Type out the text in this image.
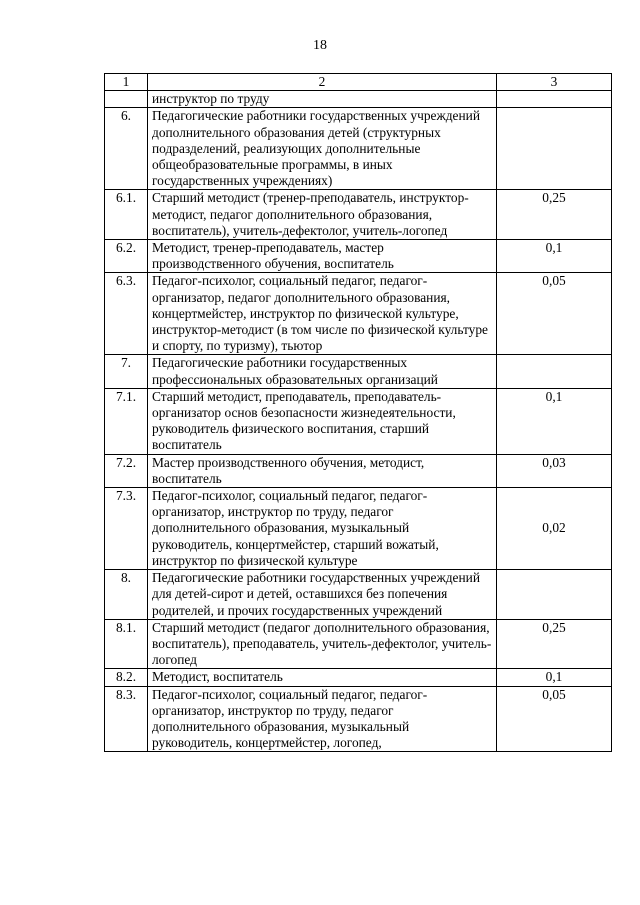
18
1	2	3
	инструктор по труду	
6.	Педагогические работники государственных учреждений дополнительного образования детей (структурных подразделений, реализующих дополнительные общеобразовательные программы, в иных государственных учреждениях)	
6.1.	Старший методист (тренер-преподаватель, инструктор-методист, педагог дополнительного образования, воспитатель), учитель-дефектолог, учитель-логопед	0,25
6.2.	Методист, тренер-преподаватель, мастер производственного обучения, воспитатель	0,1
6.3.	Педагог-психолог, социальный педагог, педагог-организатор, педагог дополнительного образования, концертмейстер, инструктор по физической культуре, инструктор-методист (в том числе по физической культуре и спорту, по туризму), тьютор	0,05
7.	Педагогические работники государственных профессиональных образовательных организаций	
7.1.	Старший методист, преподаватель, преподаватель-организатор основ безопасности жизнедеятельности, руководитель физического воспитания, старший воспитатель	0,1
7.2.	Мастер производственного обучения, методист, воспитатель	0,03
7.3.	Педагог-психолог, социальный педагог, педагог-организатор, инструктор по труду, педагог дополнительного образования, музыкальный руководитель, концертмейстер, старший вожатый, инструктор по физической культуре	0,02
8.	Педагогические работники государственных учреждений для детей-сирот и детей, оставшихся без попечения родителей, и прочих государственных учреждений	
8.1.	Старший методист (педагог дополнительного образования, воспитатель), преподаватель, учитель-дефектолог, учитель-логопед	0,25
8.2.	Методист, воспитатель	0,1
8.3.	Педагог-психолог, социальный педагог, педагог-организатор, инструктор по труду, педагог дополнительного образования, музыкальный руководитель, концертмейстер, логопед,	0,05
